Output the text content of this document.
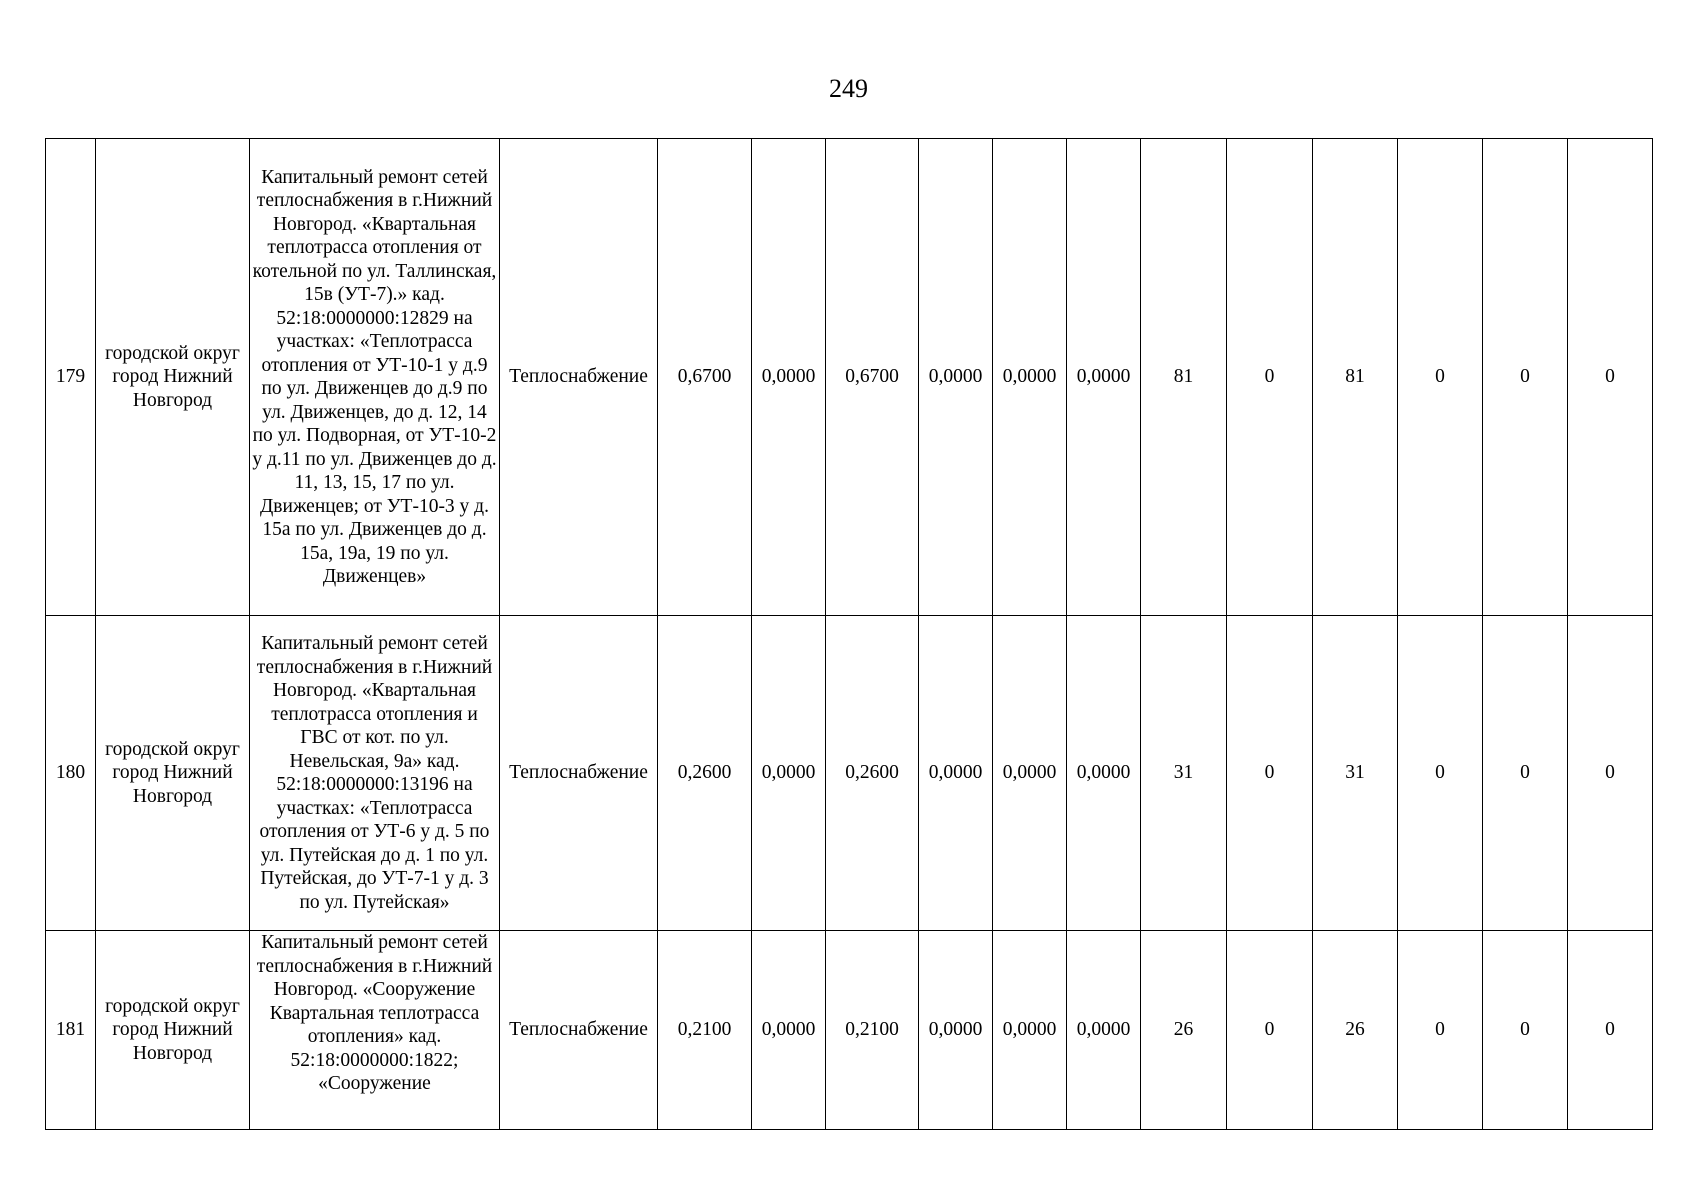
249
179	городской округ город Нижний Новгород	Капитальный ремонт сетей теплоснабжения в г.Нижний Новгород. «Квартальная теплотрасса отопления от котельной по ул. Таллинская, 15в (УТ-7).» кад. 52:18:0000000:12829 на участках: «Теплотрасса отопления от УТ-10-1 у д.9 по ул. Движенцев до д.9 по ул. Движенцев, до д. 12, 14 по ул. Подворная, от УТ-10-2 у д.11 по ул. Движенцев до д. 11, 13, 15, 17 по ул. Движенцев; от УТ-10-3 у д. 15а по ул. Движенцев до д. 15а, 19а, 19 по ул. Движенцев»	Теплоснабжение	0,6700	0,0000	0,6700	0,0000	0,0000	0,0000	81	0	81	0	0	0
180	городской округ город Нижний Новгород	Капитальный ремонт сетей теплоснабжения в г.Нижний Новгород. «Квартальная теплотрасса отопления и ГВС от кот. по ул. Невельская, 9а» кад. 52:18:0000000:13196 на участках: «Теплотрасса отопления от УТ-6 у д. 5 по ул. Путейская до д. 1 по ул. Путейская, до УТ-7-1 у д. 3 по ул. Путейская»	Теплоснабжение	0,2600	0,0000	0,2600	0,0000	0,0000	0,0000	31	0	31	0	0	0
181	городской округ город Нижний Новгород	Капитальный ремонт сетей теплоснабжения в г.Нижний Новгород. «Сооружение Квартальная теплотрасса отопления» кад. 52:18:0000000:1822; «Сооружение	Теплоснабжение	0,2100	0,0000	0,2100	0,0000	0,0000	0,0000	26	0	26	0	0	0
